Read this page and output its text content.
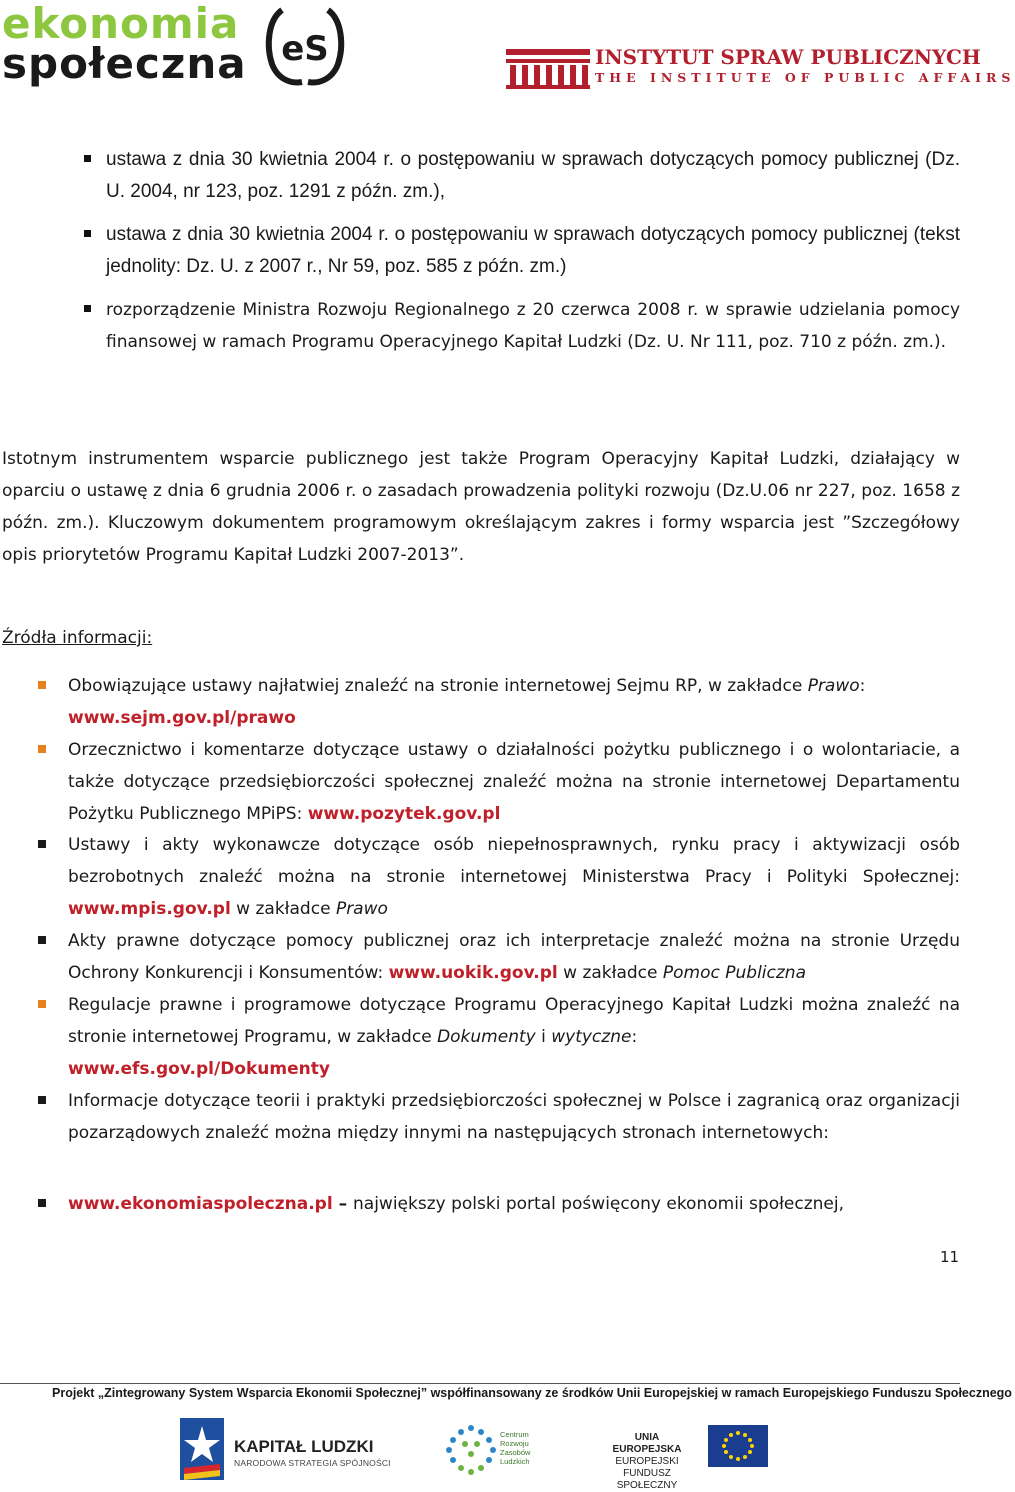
ekonomia
społeczna eS	INSTYTUT SPRAW PUBLICZNYCH
THE INSTITUTE OF PUBLIC AFFAIRS
ustawa z dnia 30 kwietnia 2004 r. o postępowaniu w sprawach dotyczących pomocy publicznej (Dz. U. 2004, nr 123, poz. 1291 z późn. zm.),
ustawa z dnia 30 kwietnia 2004 r. o postępowaniu w sprawach dotyczących pomocy publicznej (tekst jednolity: Dz. U. z 2007 r., Nr 59, poz. 585 z późn. zm.)
rozporządzenie Ministra Rozwoju Regionalnego z 20 czerwca 2008 r. w sprawie udzielania pomocy finansowej w ramach Programu Operacyjnego Kapitał Ludzki (Dz. U. Nr 111, poz. 710 z późn. zm.).
Istotnym instrumentem wsparcie publicznego jest także Program Operacyjny Kapitał Ludzki, działający w oparciu o ustawę z dnia 6 grudnia 2006 r. o zasadach prowadzenia polityki rozwoju (Dz.U.06 nr 227, poz. 1658 z późn. zm.). Kluczowym dokumentem programowym określającym zakres i formy wsparcia jest ”Szczegółowy opis priorytetów Programu Kapitał Ludzki 2007-2013”.
Źródła informacji:
Obowiązujące ustawy najłatwiej znaleźć na stronie internetowej Sejmu RP, w zakładce Prawo:
www.sejm.gov.pl/prawo
Orzecznictwo i komentarze dotyczące ustawy o działalności pożytku publicznego i o wolontariacie, a także dotyczące przedsiębiorczości społecznej znaleźć można na stronie internetowej Departamentu Pożytku Publicznego MPiPS: www.pozytek.gov.pl
Ustawy i akty wykonawcze dotyczące osób niepełnosprawnych, rynku pracy i aktywizacji osób bezrobotnych znaleźć można na stronie internetowej Ministerstwa Pracy i Polityki Społecznej: www.mpis.gov.pl w zakładce Prawo
Akty prawne dotyczące pomocy publicznej oraz ich interpretacje znaleźć można na stronie Urzędu Ochrony Konkurencji i Konsumentów: www.uokik.gov.pl w zakładce Pomoc Publiczna
Regulacje prawne i programowe dotyczące Programu Operacyjnego Kapitał Ludzki można znaleźć na stronie internetowej Programu, w zakładce Dokumenty i wytyczne:
www.efs.gov.pl/Dokumenty
Informacje dotyczące teorii i praktyki przedsiębiorczości społecznej w Polsce i zagranicą oraz organizacji pozarządowych znaleźć można między innymi na następujących stronach internetowych:
www.ekonomiaspoleczna.pl – największy polski portal poświęcony ekonomii społecznej,
11
Projekt „Zintegrowany System Wsparcia Ekonomii Społecznej” współfinansowany ze środków Unii Europejskiej w ramach Europejskiego Funduszu Społecznego
KAPITAŁ LUDZKI
NARODOWA STRATEGIA SPÓJNOŚCI
Centrum
Rozwoju
Zasobów
Ludzkich
UNIA EUROPEJSKA
EUROPEJSKI
FUNDUSZ SPOŁECZNY
